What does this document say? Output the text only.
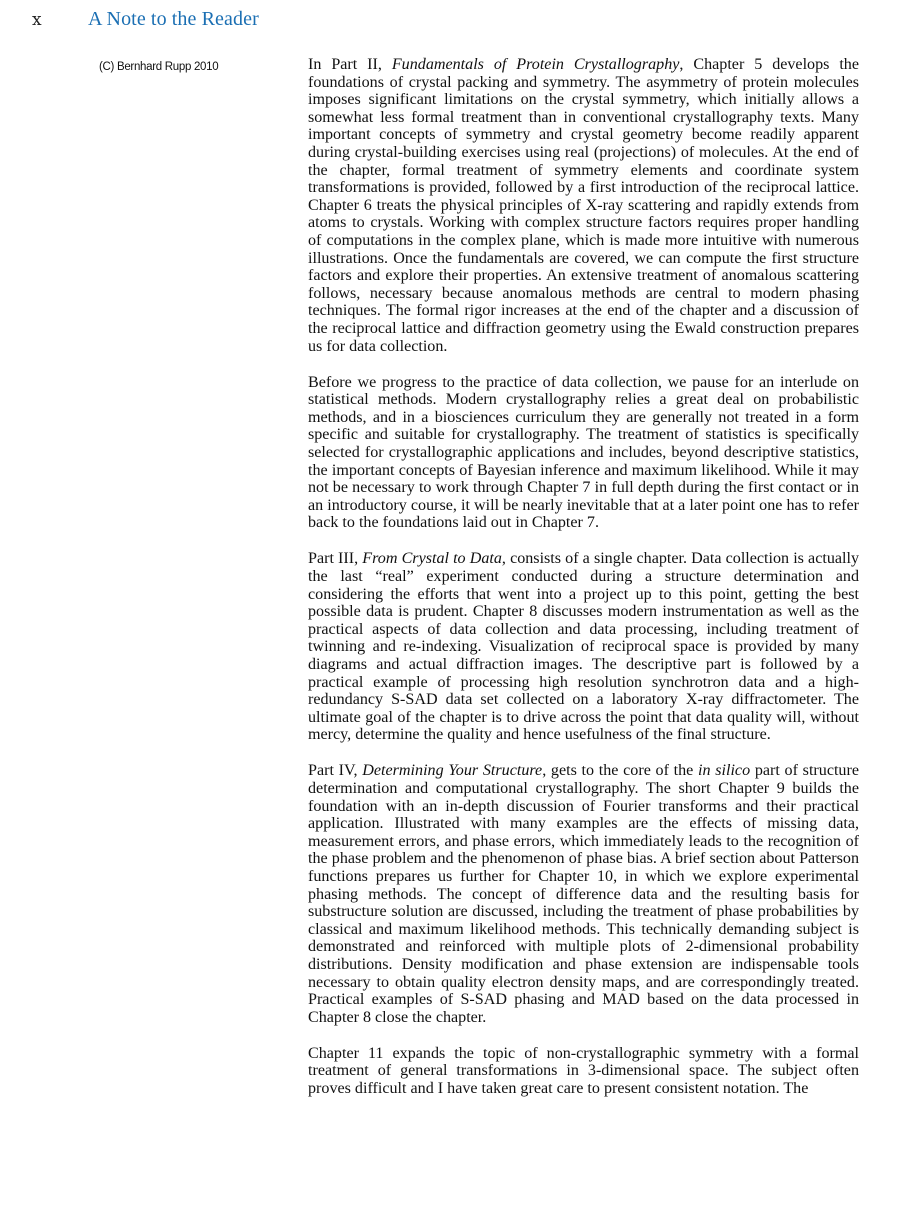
x A Note to the Reader
(C) Bernhard Rupp 2010	In Part II, Fundamentals of Protein Crystallography, Chapter 5 develops the foundations of crystal packing and symmetry. The asymmetry of protein molecules imposes significant limitations on the crystal symmetry, which initially allows a somewhat less formal treatment than in conventional crystallography texts. Many important concepts of symmetry and crystal geometry become readily apparent during crystal-building exercises using real (projections) of molecules. At the end of the chapter, formal treatment of symmetry elements and coordinate system transformations is provided, followed by a first introduction of the reciprocal lattice. Chapter 6 treats the physical principles of X-ray scattering and rapidly extends from atoms to crystals. Working with complex structure factors requires proper handling of computations in the complex plane, which is made more intuitive with numerous illustrations. Once the fundamentals are covered, we can compute the first structure factors and explore their properties. An extensive treatment of anomalous scattering follows, necessary because anomalous methods are central to modern phasing techniques. The formal rigor increases at the end of the chapter and a discussion of the reciprocal lattice and diffraction geometry using the Ewald construction prepares us for data collection.

Before we progress to the practice of data collection, we pause for an interlude on statistical methods. Modern crystallography relies a great deal on probabilistic methods, and in a biosciences curriculum they are generally not treated in a form specific and suitable for crystallography. The treatment of statistics is specifically selected for crystallographic applications and includes, beyond descriptive statistics, the important concepts of Bayesian inference and maximum likelihood. While it may not be necessary to work through Chapter 7 in full depth during the first contact or in an introductory course, it will be nearly inevitable that at a later point one has to refer back to the foundations laid out in Chapter 7.

Part III, From Crystal to Data, consists of a single chapter. Data collection is actually the last “real” experiment conducted during a structure determination and considering the efforts that went into a project up to this point, getting the best possible data is prudent. Chapter 8 discusses modern instrumentation as well as the practical aspects of data collection and data processing, including treatment of twinning and re-indexing. Visualization of reciprocal space is provided by many diagrams and actual diffraction images. The descriptive part is followed by a practical example of processing high resolution synchrotron data and a high-redundancy S-SAD data set collected on a laboratory X-ray diffractometer. The ultimate goal of the chapter is to drive across the point that data quality will, without mercy, determine the quality and hence usefulness of the final structure.

Part IV, Determining Your Structure, gets to the core of the in silico part of structure determination and computational crystallography. The short Chapter 9 builds the foundation with an in-depth discussion of Fourier transforms and their practical application. Illustrated with many examples are the effects of missing data, measurement errors, and phase errors, which immediately leads to the recognition of the phase problem and the phenomenon of phase bias. A brief section about Patterson functions prepares us further for Chapter 10, in which we explore experimental phasing methods. The concept of difference data and the resulting basis for substructure solution are discussed, including the treatment of phase probabilities by classical and maximum likelihood methods. This technically demanding subject is demonstrated and reinforced with multiple plots of 2-dimensional probability distributions. Density modification and phase extension are indispensable tools necessary to obtain quality electron density maps, and are correspondingly treated. Practical examples of S-SAD phasing and MAD based on the data processed in Chapter 8 close the chapter.

Chapter 11 expands the topic of non-crystallographic symmetry with a formal treatment of general transformations in 3-dimensional space. The subject often proves difficult and I have taken great care to present consistent notation. The
